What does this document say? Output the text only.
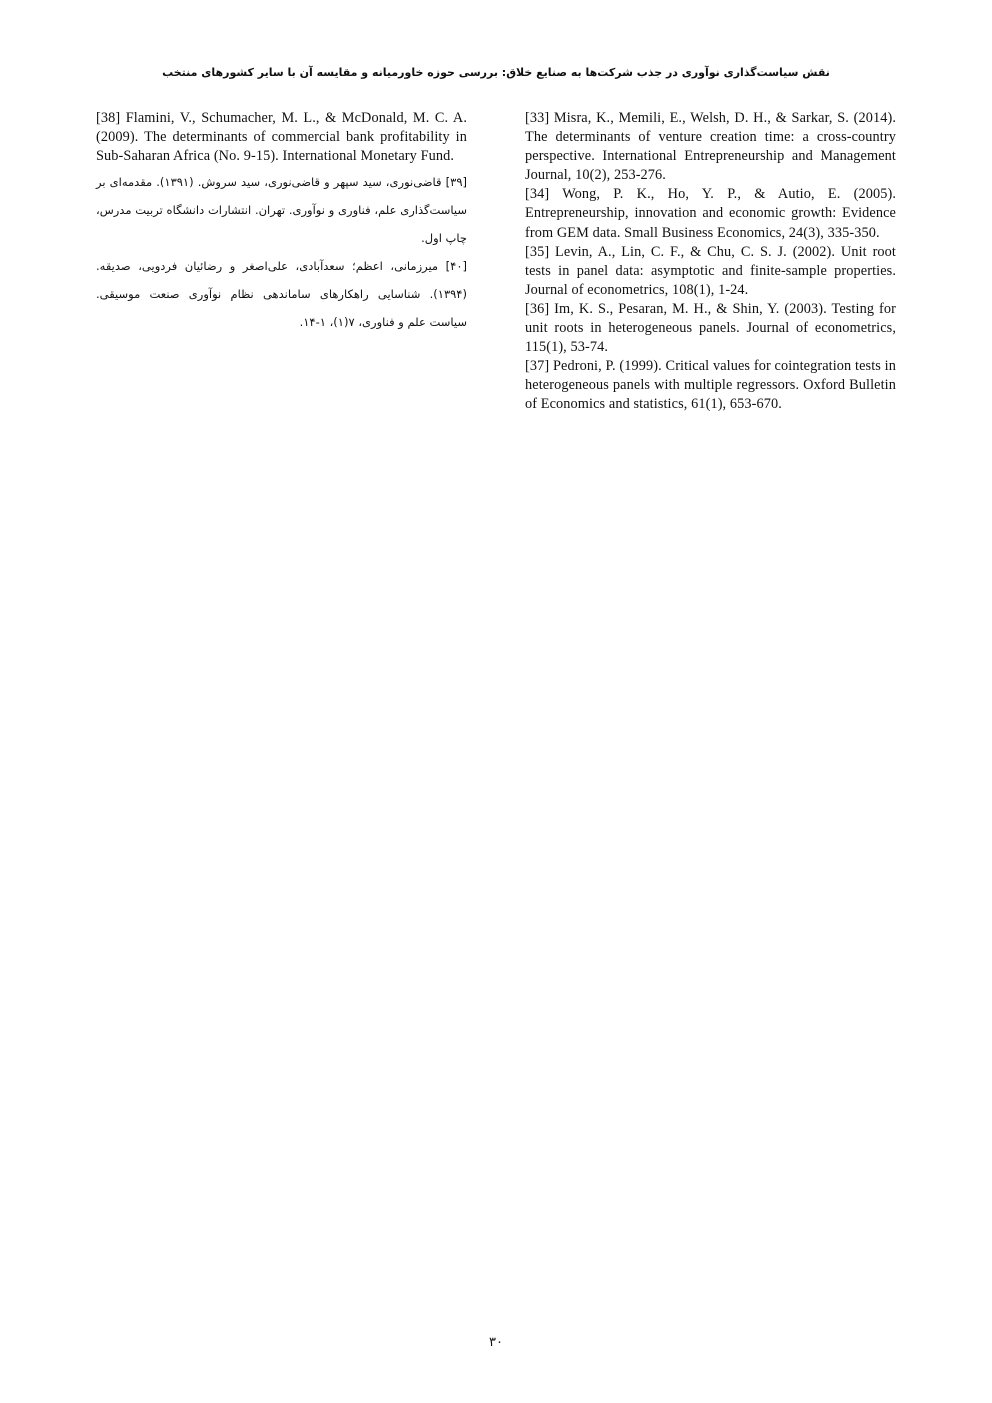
نقش سیاست‌گذاری نوآوری در جذب شرکت‌ها به صنایع خلاق: بررسی حوزه خاورمیانه و مقایسه آن با سایر کشورهای منتخب

[38] Flamini, V., Schumacher, M. L., & McDonald, M. C. A. (2009). The determinants of commercial bank profitability in Sub-Saharan Africa (No. 9-15). International Monetary Fund.

[۳۹] قاضی‌نوری، سید سپهر و قاضی‌نوری، سید سروش. (۱۳۹۱). مقدمه‌ای بر سیاست‌گذاری علم، فناوری و نوآوری. تهران. انتشارات دانشگاه تربیت مدرس، چاپ اول.

[۴۰] میرزمانی، اعظم؛ سعدآبادی، علی‌اصغر و رضائیان فردویی، صدیقه. (۱۳۹۴). شناسایی راهکارهای ساماندهی نظام نوآوری صنعت موسیقی. سیاست علم و فناوری، ۷(۱)، ۱-۱۴.

[33] Misra, K., Memili, E., Welsh, D. H., & Sarkar, S. (2014). The determinants of venture creation time: a cross-country perspective. International Entrepreneurship and Management Journal, 10(2), 253-276.

[34] Wong, P. K., Ho, Y. P., & Autio, E. (2005). Entrepreneurship, innovation and economic growth: Evidence from GEM data. Small Business Economics, 24(3), 335-350.

[35] Levin, A., Lin, C. F., & Chu, C. S. J. (2002). Unit root tests in panel data: asymptotic and finite-sample properties. Journal of econometrics, 108(1), 1-24.

[36] Im, K. S., Pesaran, M. H., & Shin, Y. (2003). Testing for unit roots in heterogeneous panels. Journal of econometrics, 115(1), 53-74.

[37] Pedroni, P. (1999). Critical values for cointegration tests in heterogeneous panels with multiple regressors. Oxford Bulletin of Economics and statistics, 61(1), 653-670.

۳۰
